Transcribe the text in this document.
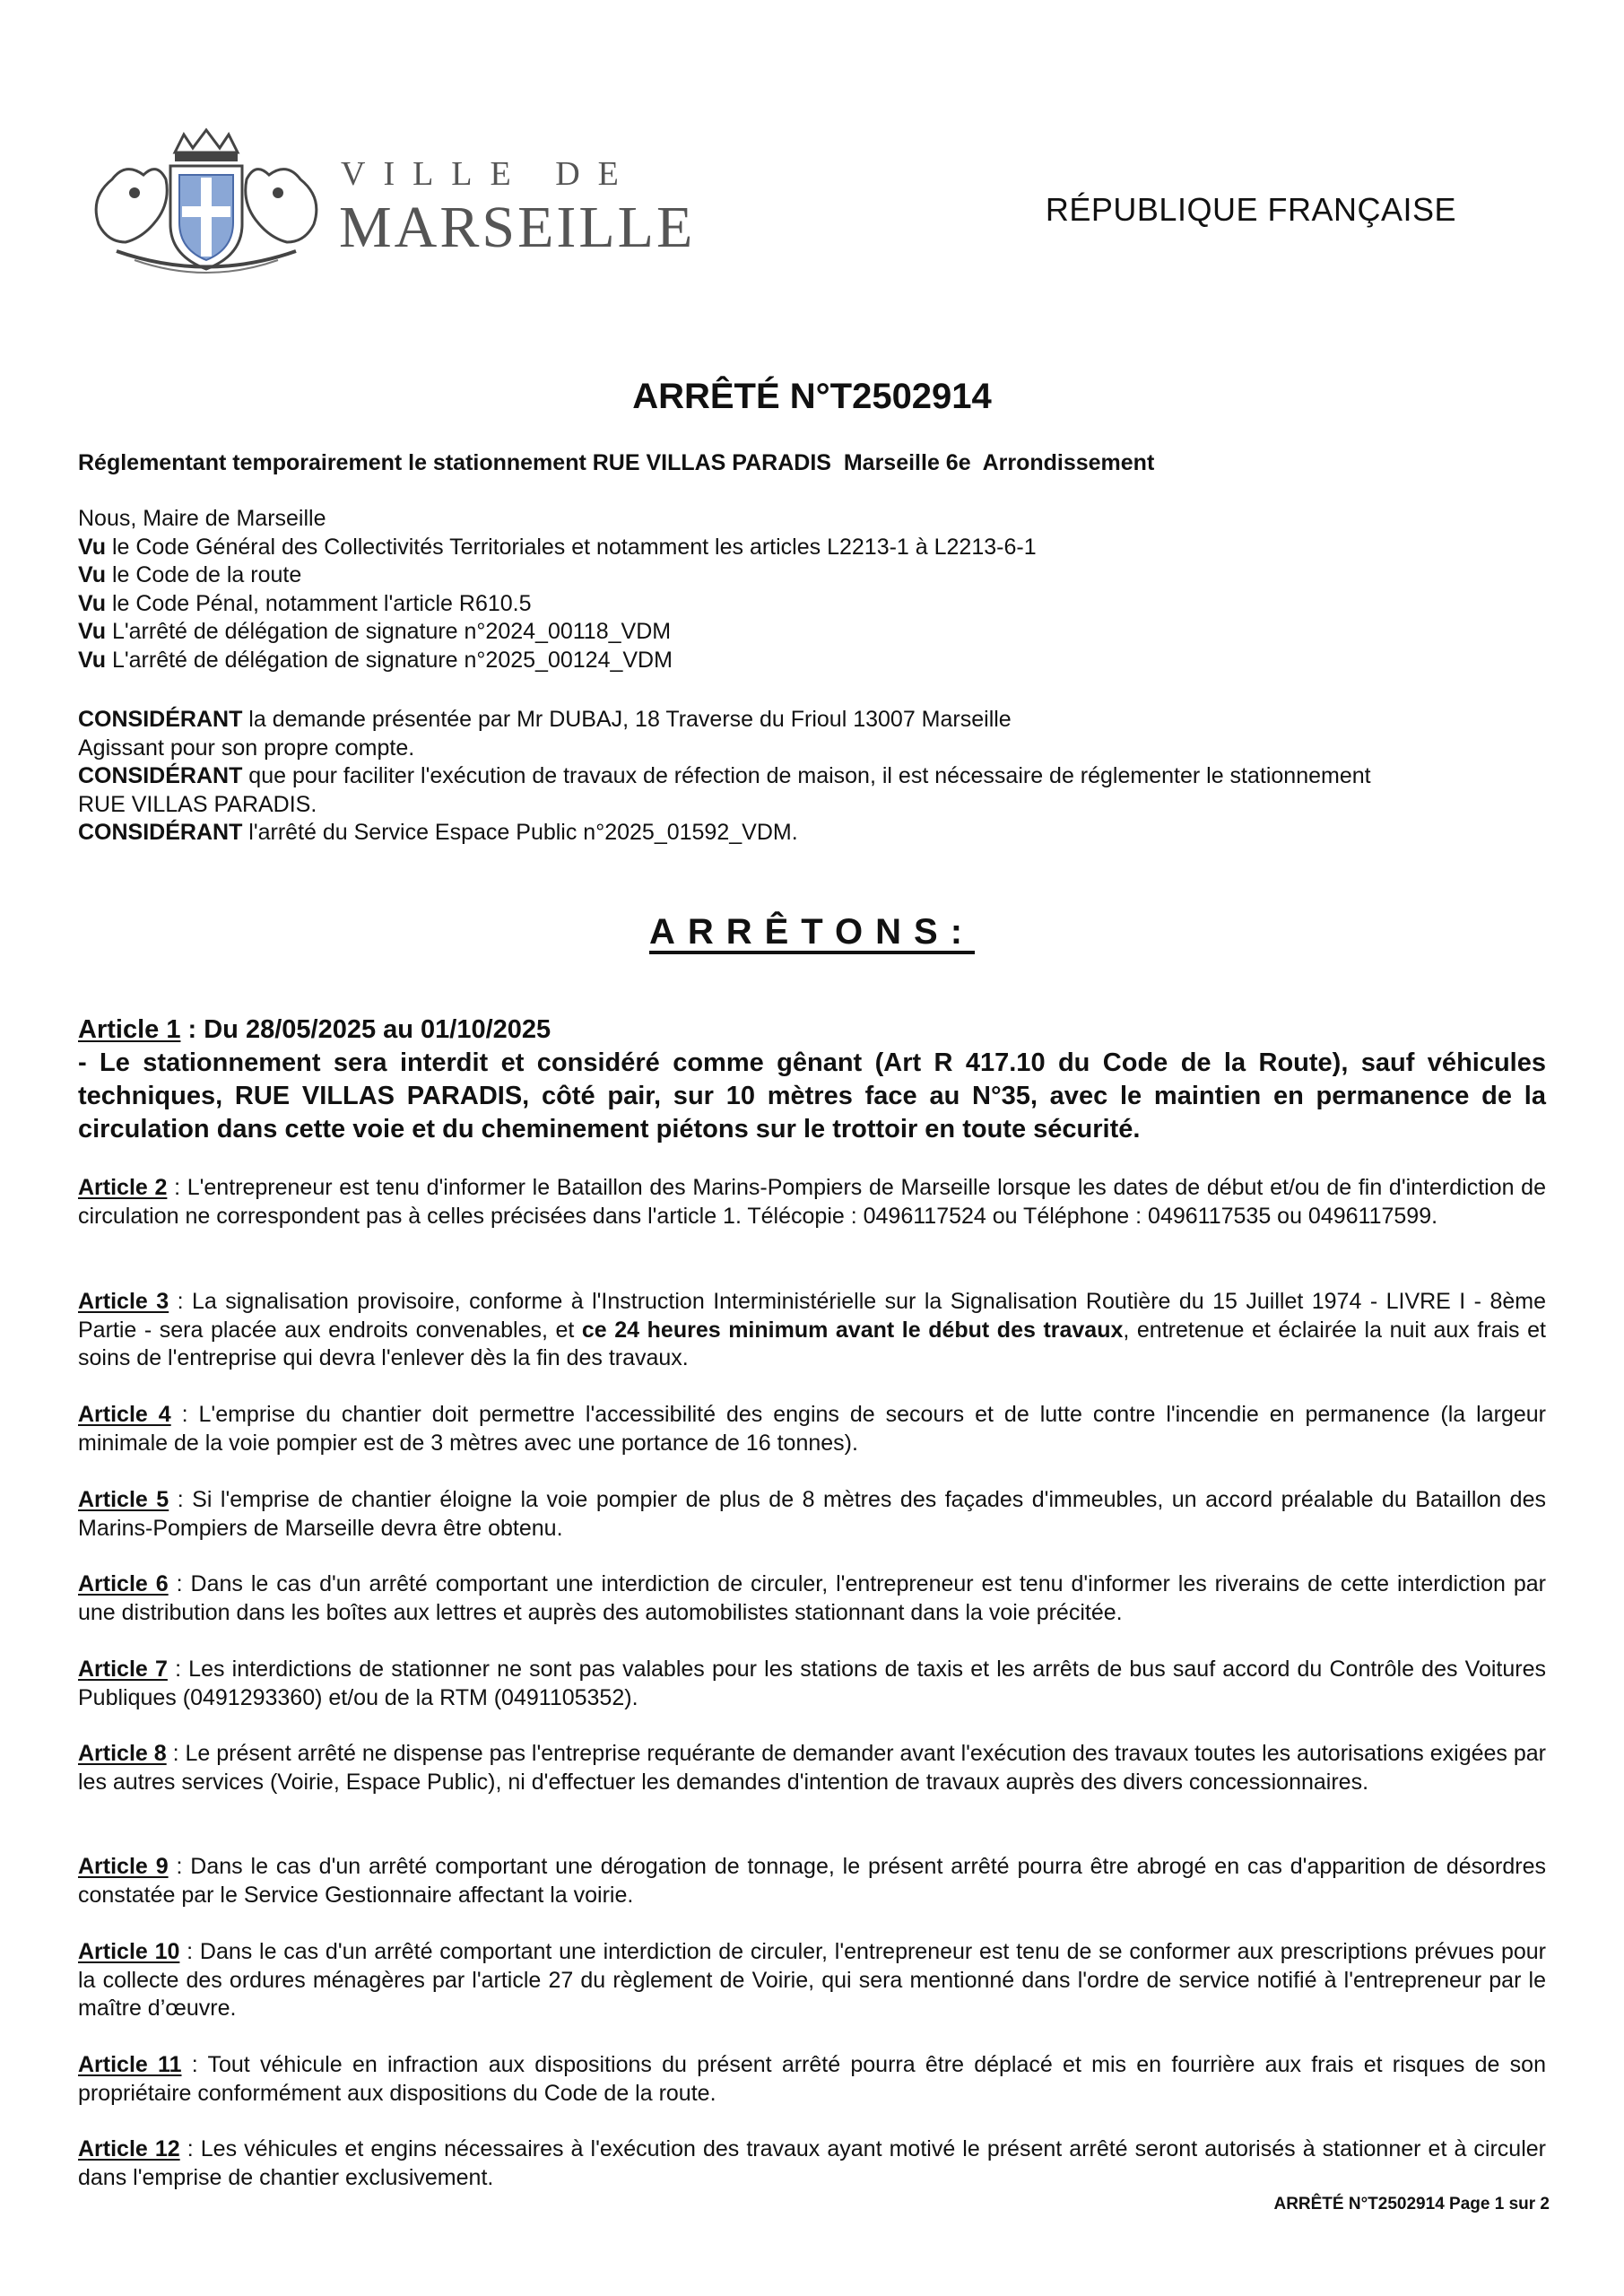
VILLE DE
MARSEILLE	RÉPUBLIQUE FRANÇAISE
ARRÊTÉ N°T2502914
Réglementant temporairement le stationnement RUE VILLAS PARADIS  Marseille 6e  Arrondissement
Nous, Maire de Marseille
Vu le Code Général des Collectivités Territoriales et notamment les articles L2213-1 à L2213-6-1
Vu le Code de la route
Vu le Code Pénal, notamment l'article R610.5
Vu L'arrêté de délégation de signature n°2024_00118_VDM
Vu L'arrêté de délégation de signature n°2025_00124_VDM
CONSIDÉRANT la demande présentée par Mr DUBAJ, 18 Traverse du Frioul 13007 Marseille
Agissant pour son propre compte.
CONSIDÉRANT que pour faciliter l'exécution de travaux de réfection de maison, il est nécessaire de réglementer le stationnement
RUE VILLAS PARADIS.
CONSIDÉRANT l'arrêté du Service Espace Public n°2025_01592_VDM.
ARRÊTONS:
Article 1 : Du 28/05/2025 au 01/10/2025
- Le stationnement sera interdit et considéré comme gênant (Art R 417.10 du Code de la Route), sauf véhicules techniques, RUE VILLAS PARADIS, côté pair, sur 10 mètres face au N°35, avec le maintien en permanence de la circulation dans cette voie et du cheminement piétons sur le trottoir en toute sécurité.
Article 2 : L'entrepreneur est tenu d'informer le Bataillon des Marins-Pompiers de Marseille lorsque les dates de début et/ou de fin d'interdiction de circulation ne correspondent pas à celles précisées dans l'article 1. Télécopie : 0496117524 ou Téléphone : 0496117535 ou 0496117599.
Article 3 : La signalisation provisoire, conforme à l'Instruction Interministérielle sur la Signalisation Routière du 15 Juillet 1974 - LIVRE I - 8ème Partie - sera placée aux endroits convenables, et ce 24 heures minimum avant le début des travaux, entretenue et éclairée la nuit aux frais et soins de l'entreprise qui devra l'enlever dès la fin des travaux.
Article 4 : L'emprise du chantier doit permettre l'accessibilité des engins de secours et de lutte contre l'incendie en permanence (la largeur minimale de la voie pompier est de 3 mètres avec une portance de 16 tonnes).
Article 5 : Si l'emprise de chantier éloigne la voie pompier de plus de 8 mètres des façades d'immeubles, un accord préalable du Bataillon des Marins-Pompiers de Marseille devra être obtenu.
Article 6 : Dans le cas d'un arrêté comportant une interdiction de circuler, l'entrepreneur est tenu d'informer les riverains de cette interdiction par une distribution dans les boîtes aux lettres et auprès des automobilistes stationnant dans la voie précitée.
Article 7 : Les interdictions de stationner ne sont pas valables pour les stations de taxis et les arrêts de bus sauf accord du Contrôle des Voitures Publiques (0491293360) et/ou de la RTM (0491105352).
Article 8 : Le présent arrêté ne dispense pas l'entreprise requérante de demander avant l'exécution des travaux toutes les autorisations exigées par les autres services (Voirie, Espace Public), ni d'effectuer les demandes d'intention de travaux auprès des divers concessionnaires.
Article 9 : Dans le cas d'un arrêté comportant une dérogation de tonnage, le présent arrêté pourra être abrogé en cas d'apparition de désordres constatée par le Service Gestionnaire affectant la voirie.
Article 10 : Dans le cas d'un arrêté comportant une interdiction de circuler, l'entrepreneur est tenu de se conformer aux prescriptions prévues pour la collecte des ordures ménagères par l'article 27 du règlement de Voirie, qui sera mentionné dans l'ordre de service notifié à l'entrepreneur par le maître d’œuvre.
Article 11 : Tout véhicule en infraction aux dispositions du présent arrêté pourra être déplacé et mis en fourrière aux frais et risques de son propriétaire conformément aux dispositions du Code de la route.
Article 12 : Les véhicules et engins nécessaires à l'exécution des travaux ayant motivé le présent arrêté seront autorisés à stationner et à circuler dans l'emprise de chantier exclusivement.
ARRÊTÉ N°T2502914 Page 1 sur 2
